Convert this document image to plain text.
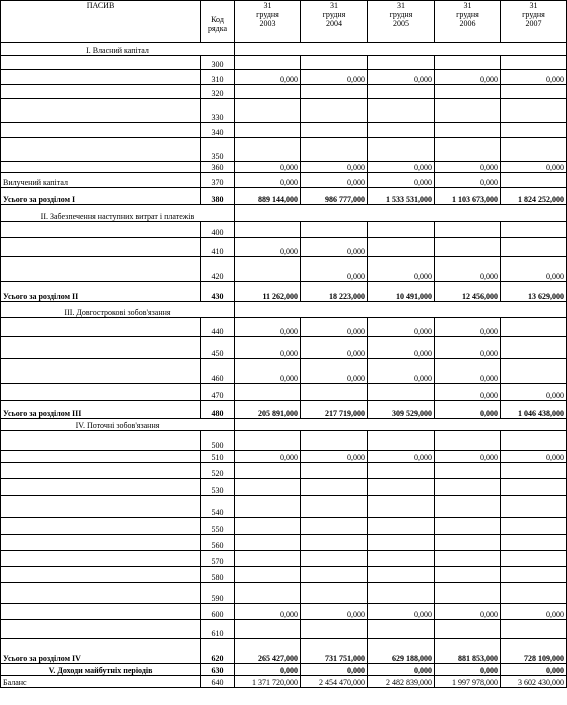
ПАСИВ	Код
рядка	31
грудня
2003	31
грудня
2004	31
грудня
2005	31
грудня
2006	31
грудня
2007

І. Власний капітал						
	300					
	310	0,000	0,000	0,000	0,000	0,000
	320					
	330					
	340					
	350					
	360	0,000	0,000	0,000	0,000	0,000
Вилучений капітал	370	0,000	0,000	0,000	0,000	
Усього за розділом І	380	889 144,000	986 777,000	1 533 531,000	1 103 673,000	1 824 252,000
ІІ. Забезпечення наступних витрат і платежів						
	400					
	410	0,000	0,000			
	420		0,000	0,000	0,000	0,000
Усього за розділом ІІ	430	11 262,000	18 223,000	10 491,000	12 456,000	13 629,000
ІІІ. Довгострокові зобов'язання						
	440	0,000	0,000	0,000	0,000	
	450	0,000	0,000	0,000	0,000	
	460	0,000	0,000	0,000	0,000	
	470				0,000	0,000
Усього за розділом ІІІ	480	205 891,000	217 719,000	309 529,000	0,000	1 046 438,000
IV. Поточні зобов'язання						
	500					
	510	0,000	0,000	0,000	0,000	0,000
	520					
	530					
	540					
	550					
	560					
	570					
	580					
	590					
	600	0,000	0,000	0,000	0,000	0,000
	610					
Усього за розділом IV	620	265 427,000	731 751,000	629 188,000	881 853,000	728 109,000
V. Доходи майбутніх періодів	630	0,000	0,000	0,000	0,000	0,000
Баланс	640	1 371 720,000	2 454 470,000	2 482 839,000	1 997 978,000	3 602 430,000
